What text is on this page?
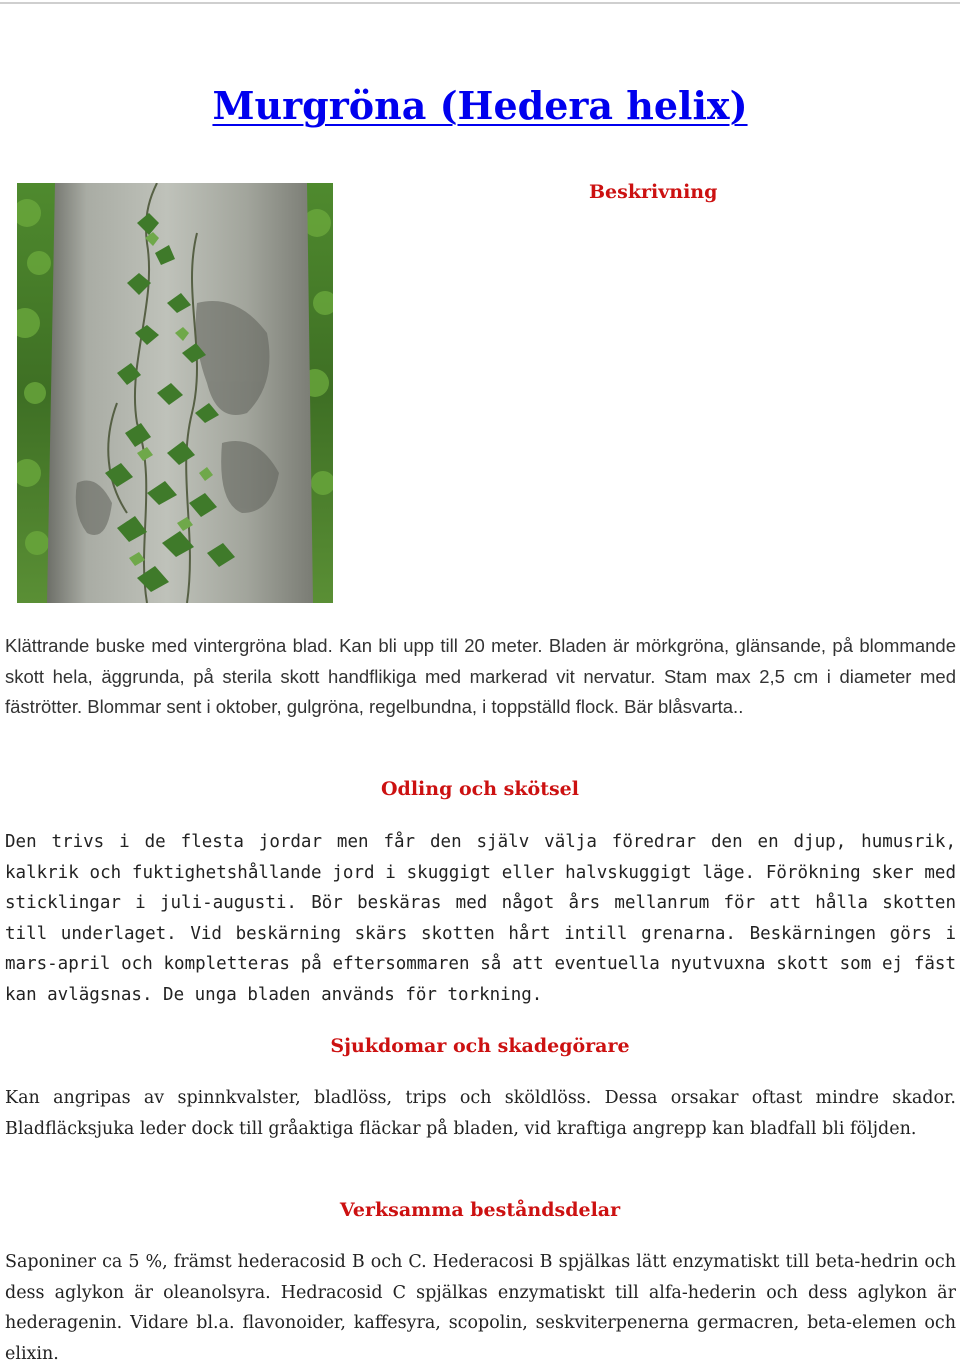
Murgröna (Hedera helix)
Beskrivning

Klättrande buske med vintergröna blad. Kan bli upp till 20 meter. Bladen är mörkgröna, glänsande, på blommande skott hela, äggrunda, på sterila skott handflikiga med markerad vit nervatur. Stam max 2,5 cm i diameter med fäströtter. Blommar sent i oktober, gulgröna, regelbundna, i toppställd flock. Bär blåsvarta..

Odling och skötsel

Den trivs i de flesta jordar men får den själv välja föredrar den en djup, humusrik, kalkrik och fuktighetshållande jord i skuggigt eller halvskuggigt läge. Förökning sker med sticklingar i juli-augusti. Bör beskäras med något års mellanrum för att hålla skotten till underlaget. Vid beskärning skärs skotten hårt intill grenarna. Beskärningen görs i mars-april och kompletteras på eftersommaren så att eventuella nyutvuxna skott som ej fäst kan avlägsnas. De unga bladen används för torkning.

Sjukdomar och skadegörare

Kan angripas av spinnkvalster, bladlöss, trips och sköldlöss. Dessa orsakar oftast mindre skador. Bladfläcksjuka leder dock till gråaktiga fläckar på bladen, vid kraftiga angrepp kan bladfall bli följden.

Verksamma beståndsdelar

Saponiner ca 5 %, främst hederacosid B och C. Hederacosi B spjälkas lätt enzymatiskt till beta-hedrin och dess aglykon är oleanolsyra. Hedracosid C spjälkas enzymatiskt till alfa-hederin och dess aglykon är hederagenin. Vidare bl.a. flavonoider, kaffesyra, scopolin, seskviterpenerna germacren, beta-elemen och elixin.
